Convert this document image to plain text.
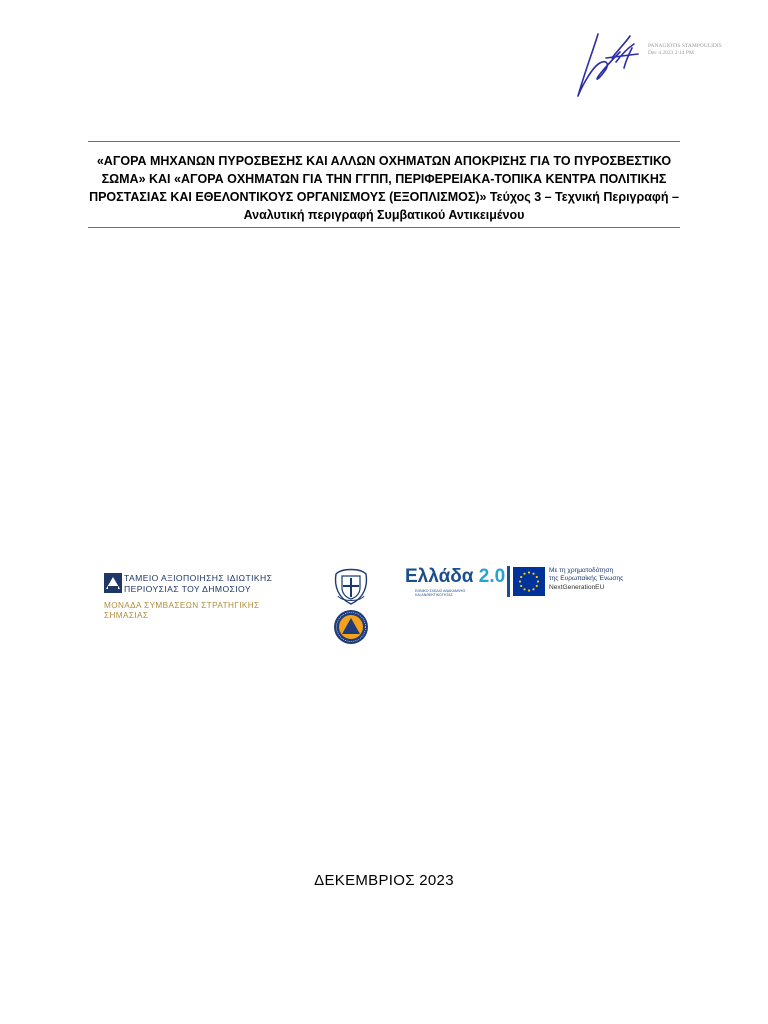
PANAGIOTIS STAMPOULIDIS
Dec 4 2023 2:14 PM
«ΑΓΟΡΑ ΜΗΧΑΝΩΝ ΠΥΡΟΣΒΕΣΗΣ ΚΑΙ ΑΛΛΩΝ ΟΧΗΜΑΤΩΝ ΑΠΟΚΡΙΣΗΣ ΓΙΑ ΤΟ ΠΥΡΟΣΒΕΣΤΙΚΟ ΣΩΜΑ» ΚΑΙ «ΑΓΟΡΑ ΟΧΗΜΑΤΩΝ ΓΙΑ ΤΗΝ ΓΓΠΠ, ΠΕΡΙΦΕΡΕΙΑΚΑ-ΤΟΠΙΚΑ ΚΕΝΤΡΑ ΠΟΛΙΤΙΚΗΣ ΠΡΟΣΤΑΣΙΑΣ ΚΑΙ ΕΘΕΛΟΝΤΙΚΟΥΣ ΟΡΓΑΝΙΣΜΟΥΣ (ΕΞΟΠΛΙΣΜΟΣ)» Τεύχος 3 – Τεχνική Περιγραφή – Αναλυτική περιγραφή Συμβατικού Αντικειμένου
ΤΑΜΕΙΟ ΑΞΙΟΠΟΙΗΣΗΣ ΙΔΙΩΤΙΚΗΣ
ΠΕΡΙΟΥΣΙΑΣ ΤΟΥ ΔΗΜΟΣΙΟΥ
ΜΟΝΑΔΑ ΣΥΜΒΑΣΕΩΝ ΣΤΡΑΤΗΓΙΚΗΣ
ΣΗΜΑΣΙΑΣ
Ελλάδα 2.0
ΕΘΝΙΚΟ ΣΧΕΔΙΟ ΑΝΑΚΑΜΨΗΣ
ΚΑΙ ΑΝΘΕΚΤΙΚΟΤΗΤΑΣ
Με τη χρηματοδότηση
της Ευρωπαϊκής Ένωσης
NextGenerationEU
ΔΕΚΕΜΒΡΙΟΣ 2023
